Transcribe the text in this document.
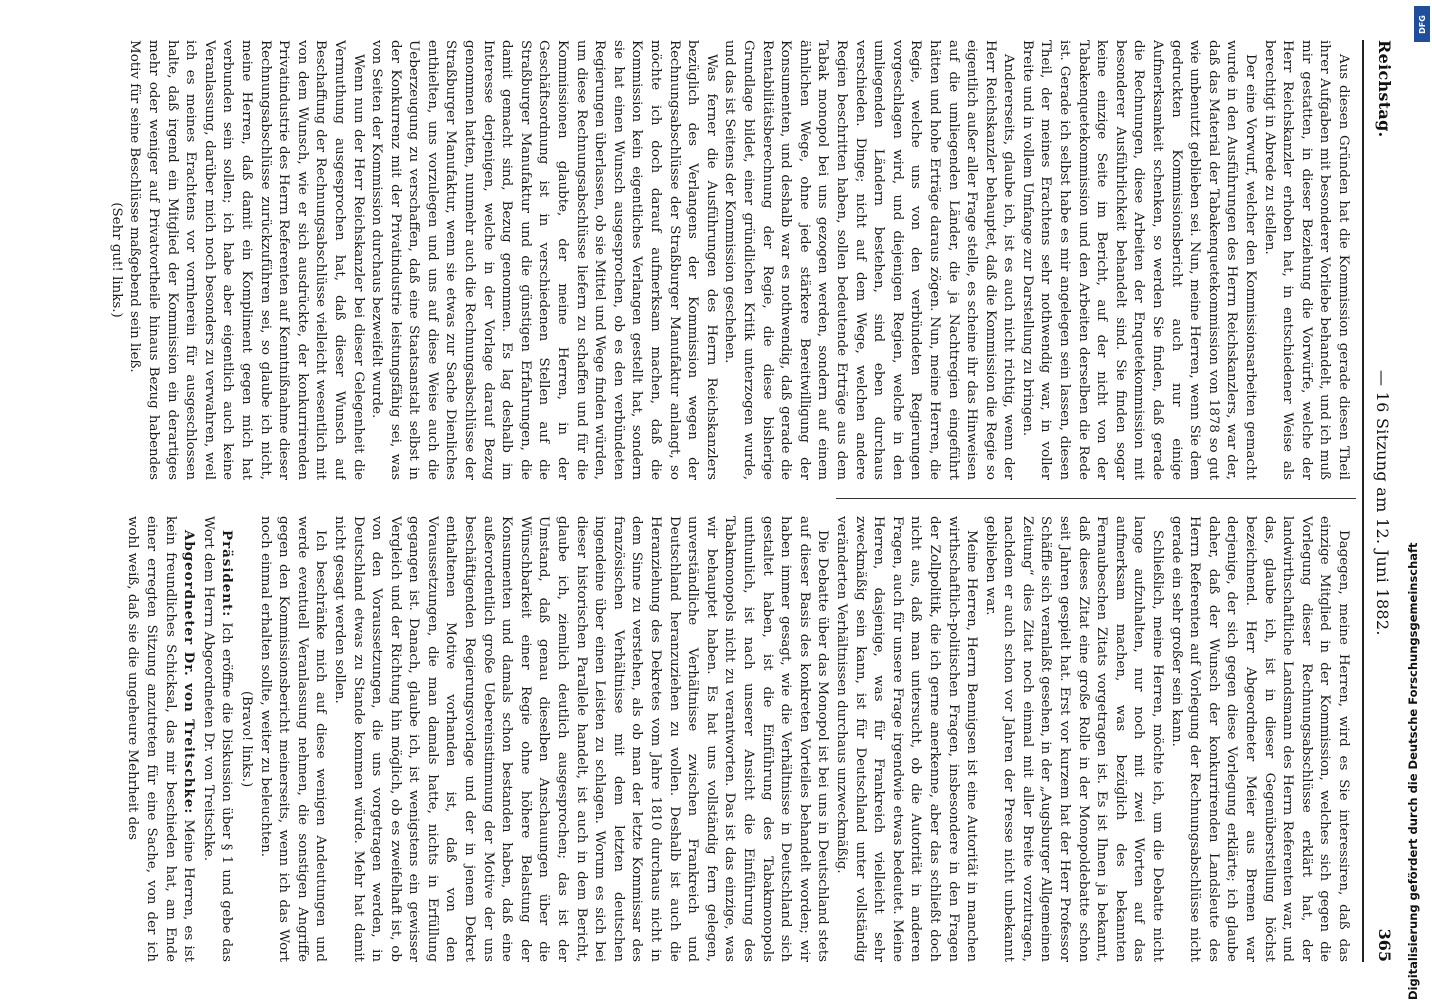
Reichstag.
— 16 Sitzung am 12. Juni 1882.
365

Aus diesen Gründen hat die Kommission gerade diesen Theil ihrer Aufgaben mit besonderer Vorliebe behandelt, und ich muß mir gestatten, in dieser Beziehung die Vorwürfe, welche der Herr Reichskanzler erhoben hat, in entschiedener Weise als berechtigt in Abrede zu stellen.

Der eine Vorwurf, welcher den Kommissionsarbeiten gemacht wurde in den Ausführungen des Herrn Reichskanzlers, war der, daß das Material der Tabakenquetekommission von 1878 so gut wie unbenutzt geblieben sei. Nun, meine Herren, wenn Sie dem gedruckten Kommissionsbericht auch nur einige Aufmerksamkeit schenken, so werden Sie finden, daß gerade die Rechnungen, diese Arbeiten der Enquetekommission mit besonderer Ausführlichkeit behandelt sind. Sie finden sogar keine einzige Seite im Bericht, auf der nicht von der Tabakenquetekommission und den Arbeiten derselben die Rede ist. Gerade ich selbst habe es mir angelegen sein lassen, diesen Theil, der meines Erachtens sehr nothwendig war, in voller Breite und in vollem Umfange zur Darstellung zu bringen.

Andererseits, glaube ich, ist es auch nicht richtig, wenn der Herr Reichskanzler behauptet, daß die Kommission die Regie so eigentlich außer aller Frage stelle, es scheine ihr das Hinweisen auf die umliegenden Länder, die ja Nachtregien eingeführt hätten und hohe Erträge daraus zögen. Nun, meine Herren, die Regie, welche uns von den verbündeten Regierungen vorgeschlagen wird, und diejenigen Regien, welche in den umliegenden Ländern bestehen, sind eben durchaus verschieden. Dinge; nicht auf dem Wege, welchen andere Regien beschritten haben, sollen bedeutende Erträge aus dem Tabak monopol bei uns gezogen werden, sondern auf einem ähnlichen Wege, ohne jede stärkere Bereitwilligung der Konsumenten, und deshalb war es nothwendig, daß gerade die Rentabilitätsberechnung der Regie, die diese bisherige Grundlage bildet, einer gründlichen Kritik unterzogen wurde, und das ist Seitens der Kommission geschehen.

Was ferner die Ausführungen des Herrn Reichskanzlers bezüglich des Verlangens der Kommission wegen der Rechnungsabschlüsse der Straßburger Manufaktur anlangt, so möchte ich doch darauf aufmerksam machen, daß die Kommission kein eigentliches Verlangen gestellt hat, sondern sie hat einen Wunsch ausgesprochen, ob es den verbündeten Regierungen überlassen, ob sie Mittel und Wege finden würden, um diese Rechnungsabschlüsse liefern zu schaffen und für die Kommissionen glaubte, der meine Herren, in der Geschäftsordnung ist in verschiedenen Stellen auf die Straßburger Manufaktur und die günstigen Erfahrungen, die damit gemacht sind, Bezug genommen. Es lag deshalb im Interesse derjenigen, welche in der Vorlage darauf Bezug genommen hatten, nunmehr auch die Rechnungsabschlüsse der Straßburger Manufaktur, wenn sie etwas zur Sache Dienliches enthielten, uns vorzulegen und uns auf diese Weise auch die Ueberzeugung zu verschaffen, daß eine Staatsanstalt selbst in der Konkurrenz mit der Privatindustrie leistungsfähig sei, was von Seiten der Kommission durchaus bezweifelt wurde.

Wenn nun der Herr Reichskanzler bei dieser Gelegenheit die Vermuthung ausgesprochen hat, daß dieser Wunsch auf Beschaffung der Rechnungsabschlüsse vielleicht wesentlich mit von dem Wunsch, wie er sich ausdrückte, der konkurrirenden Privatindustrie des Herrn Referenten auf Kenntnißnahme dieser Rechnungsabschlüsse zurückzuführen sei, so glaube ich nicht, meine Herren, daß damit ein Kompliment gegen mich hat verbunden sein sollen; ich habe aber eigentlich auch keine Veranlassung, darüber mich noch besonders zu verwahren, weil ich es meines Erachtens vor vornherein für ausgeschlossen halte, daß irgend ein Mitglied der Kommission ein derartiges mehr oder weniger auf Privatvortheile hinaus Bezug habendes Motiv für seine Beschlüsse maßgebend sein ließ.

(Sehr gut! links.)

Dagegen, meine Herren, wird es Sie interessiren, daß das einzige Mitglied in der Kommission, welches sich gegen die Vorlegung dieser Rechnungsabschlüsse erklärt hat, der landwirthschaftliche Landsmann des Herrn Referenten war, und das, glaube ich, ist in dieser Gegenüberstellung höchst bezeichnend. Herr Abgeordneter Meier aus Bremen war derjenige, der sich gegen diese Vorlegung erklärte; ich glaube daher, daß der Wunsch der konkurrirenden Landsleute des Herrn Referenten auf Vorlegung der Rechnungsabschlüsse nicht gerade ein sehr großer sein kann.

Schließlich, meine Herren, möchte ich, um die Debatte nicht lange aufzuhalten, nur noch mit zwei Worten auf das aufmerksam machen, was bezüglich des bekannten Fernaubeschen Zitats vorgetragen ist. Es ist Ihnen ja bekannt, daß dieses Zitat eine große Rolle in der Monopoldebatte schon seit Jahren gespielt hat. Erst vor kurzem hat der Herr Professor Schäffle sich veranlaßt gesehen, in der „Augsburger Allgemeinen Zeitung“ dies Zitat noch einmal mit aller Breite vorzutragen, nachdem er auch schon vor Jahren der Presse nicht unbekannt geblieben war.

Meine Herren, Herrn Bennigsen ist eine Autorität in manchen wirthschaftlich-politischen Fragen, insbesondere in den Fragen der Zollpolitik, die ich gerne anerkenne, aber das schließt doch nicht aus, daß man untersucht, ob die Autorität in anderen Fragen, auch für unsere Frage irgendwie etwas bedeutet. Meine Herren, dasjenige, was für Frankreich vielleicht sehr zweckmäßig sein kann, ist für Deutschland unter vollständig veränderten Verhältnissen durchaus unzweckmäßig.

Die Debatte über das Monopol ist bei uns in Deutschland stets auf dieser Basis des konkreten Vorteiles behandelt worden; wir haben immer gesagt, wie die Verhältnisse in Deutschland sich gestaltet haben, ist die Einführung des Tabakmonopols unthunlich, ist nach unserer Ansicht die Einführung des Tabakmonopols nicht zu verantworten. Das ist das einzige, was wir behauptet haben. Es hat uns vollständig fern gelegen, unverständliche Verhältnisse zwischen Frankreich und Deutschland heranzuziehen zu wollen. Deshalb ist auch die Heranziehung des Dekretes vom Jahre 1810 durchaus nicht in dem Sinne zu verstehen, als ob man der letzte Kommissar des französischen Verhältnisse mit dem letzten deutschen ingendeine über einen Leisten zu schlagen. Worum es sich bei dieser historischen Parallele handelt, ist auch in dem Bericht, glaube ich, ziemlich deutlich ausgesprochen; das ist der Umstand, daß genau dieselben Anschauungen über die Wünschbarkeit einer Regie ohne höhere Belastung der Konsumenten und damals schon bestanden haben, daß eine außerordentlich große Uebereinstimmung der Motive der uns beschäftigenden Regierungsvorlage und der in jenem Dekret enthaltenen Motive vorhanden ist, daß von den Voraussetzungen, die man damals hatte, nichts in Erfüllung gegangen ist. Danach, glaube ich, ist wenigstens ein gewisser Vergleich und der Richtung hin möglich, ob es zweifelhaft ist, ob von den Voraussetzungen, die uns vorgetragen werden, in Deutschland etwas zu Stande kommen würde. Mehr hat damit nicht gesagt werden sollen.

Ich beschränke mich auf diese wenigen Andeutungen und werde eventuell Veranlassung nehmen, die sonstigen Angriffe gegen den Kommissionsbericht meinerseits, wenn ich das Wort noch einmal erhalten sollte, weiter zu beleuchten.

(Bravo! links.)

Präsident: Ich eröffne die Diskussion über § 1 und gebe das Wort dem Herrn Abgeordneten Dr. von Treitschke.

Abgeordneter Dr. von Treitschke: Meine Herren, es ist kein freundliches Schicksal, das mir beschieden hat, am Ende einer erregten Sitzung anzutreten für eine Sache, von der ich wohl weiß, daß sie die ungeheure Mehrheit des

DFG
Digitalisierung gefördert durch die Deutsche Forschungsgemeinschaft
